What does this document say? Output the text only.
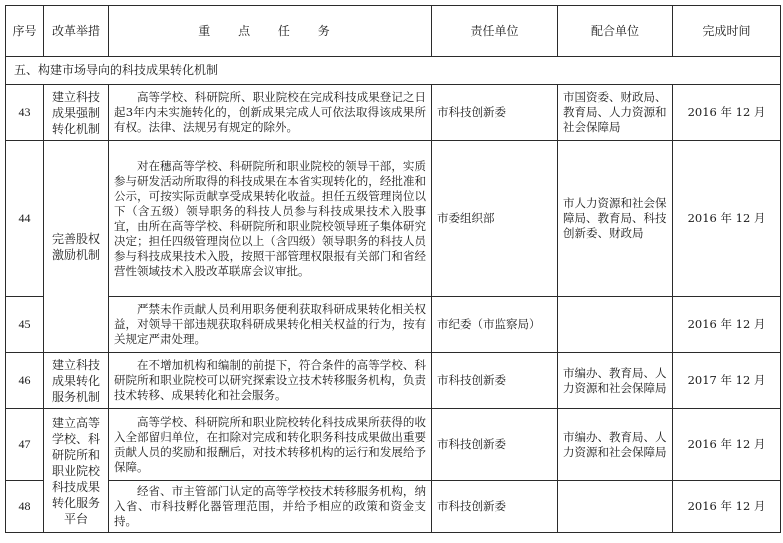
序号	改革举措	重 点 任 务	责任单位	配合单位	完成时间
五、构建市场导向的科技成果转化机制					
43	建立科技成果强制转化机制	高等学校、科研院所、职业院校在完成科技成果登记之日起3年内未实施转化的，创新成果完成人可依法取得该成果所有权。法律、法规另有规定的除外。	市科技创新委	市国资委、财政局、教育局、人力资源和社会保障局	2016 年 12 月
44	完善股权激励机制	对在穗高等学校、科研院所和职业院校的领导干部，实质参与研发活动所取得的科技成果在本省实现转化的，经批准和公示，可按实际贡献享受成果转化收益。担任五级管理岗位以下（含五级）领导职务的科技人员参与科技成果技术入股事宜，由所在高等学校、科研院所和职业院校领导班子集体研究决定；担任四级管理岗位以上（含四级）领导职务的科技人员参与科技成果技术入股，按照干部管理权限报有关部门和省经营性领域技术入股改革联席会议审批。	市委组织部	市人力资源和社会保障局、教育局、科技创新委、财政局	2016 年 12 月
45		严禁未作贡献人员利用职务便利获取科研成果转化相关权益，对领导干部违规获取科研成果转化相关权益的行为，按有关规定严肃处理。	市纪委（市监察局）		2016 年 12 月
46	建立科技成果转化服务机制	在不增加机构和编制的前提下，符合条件的高等学校、科研院所和职业院校可以研究探索设立技术转移服务机构，负责技术转移、成果转化和社会服务。	市科技创新委	市编办、教育局、人力资源和社会保障局	2017 年 12 月
47	建立高等学校、科研院所和职业院校科技成果转化服务平台	高等学校、科研院所和职业院校转化科技成果所获得的收入全部留归单位，在扣除对完成和转化职务科技成果做出重要贡献人员的奖励和报酬后，对技术转移机构的运行和发展给予保障。	市科技创新委	市编办、教育局、人力资源和社会保障局	2016 年 12 月
48		经省、市主管部门认定的高等学校技术转移服务机构，纳入省、市科技孵化器管理范围，并给予相应的政策和资金支持。	市科技创新委		2016 年 12 月
